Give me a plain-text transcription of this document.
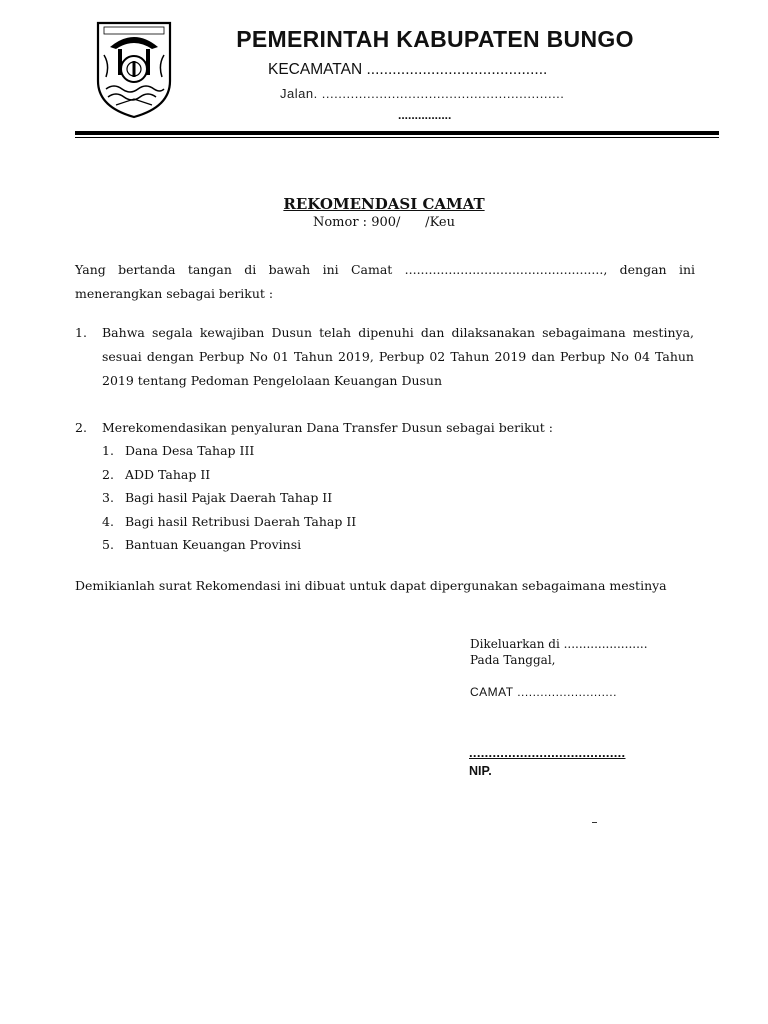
PEMERINTAH KABUPATEN BUNGO
KECAMATAN ..........................................
Jalan. ...........................................................
................
REKOMENDASI CAMAT
Nomor : 900/      /Keu
Yang bertanda tangan di bawah ini Camat .................................................., dengan ini menerangkan sebagai berikut :
1. Bahwa segala kewajiban Dusun telah dipenuhi dan dilaksanakan sebagaimana mestinya, sesuai dengan Perbup No 01 Tahun 2019, Perbup 02 Tahun 2019 dan Perbup No 04 Tahun 2019 tentang Pedoman Pengelolaan Keuangan Dusun
2. Merekomendasikan penyaluran Dana Transfer Dusun sebagai berikut :
1. Dana Desa Tahap III
2. ADD Tahap II
3. Bagi hasil Pajak Daerah Tahap II
4. Bagi hasil Retribusi Daerah Tahap II
5. Bantuan Keuangan Provinsi
Demikianlah surat Rekomendasi ini dibuat untuk dapat dipergunakan sebagaimana mestinya
Dikeluarkan di ......................
Pada Tanggal,
CAMAT ..........................
........................................
NIP.
